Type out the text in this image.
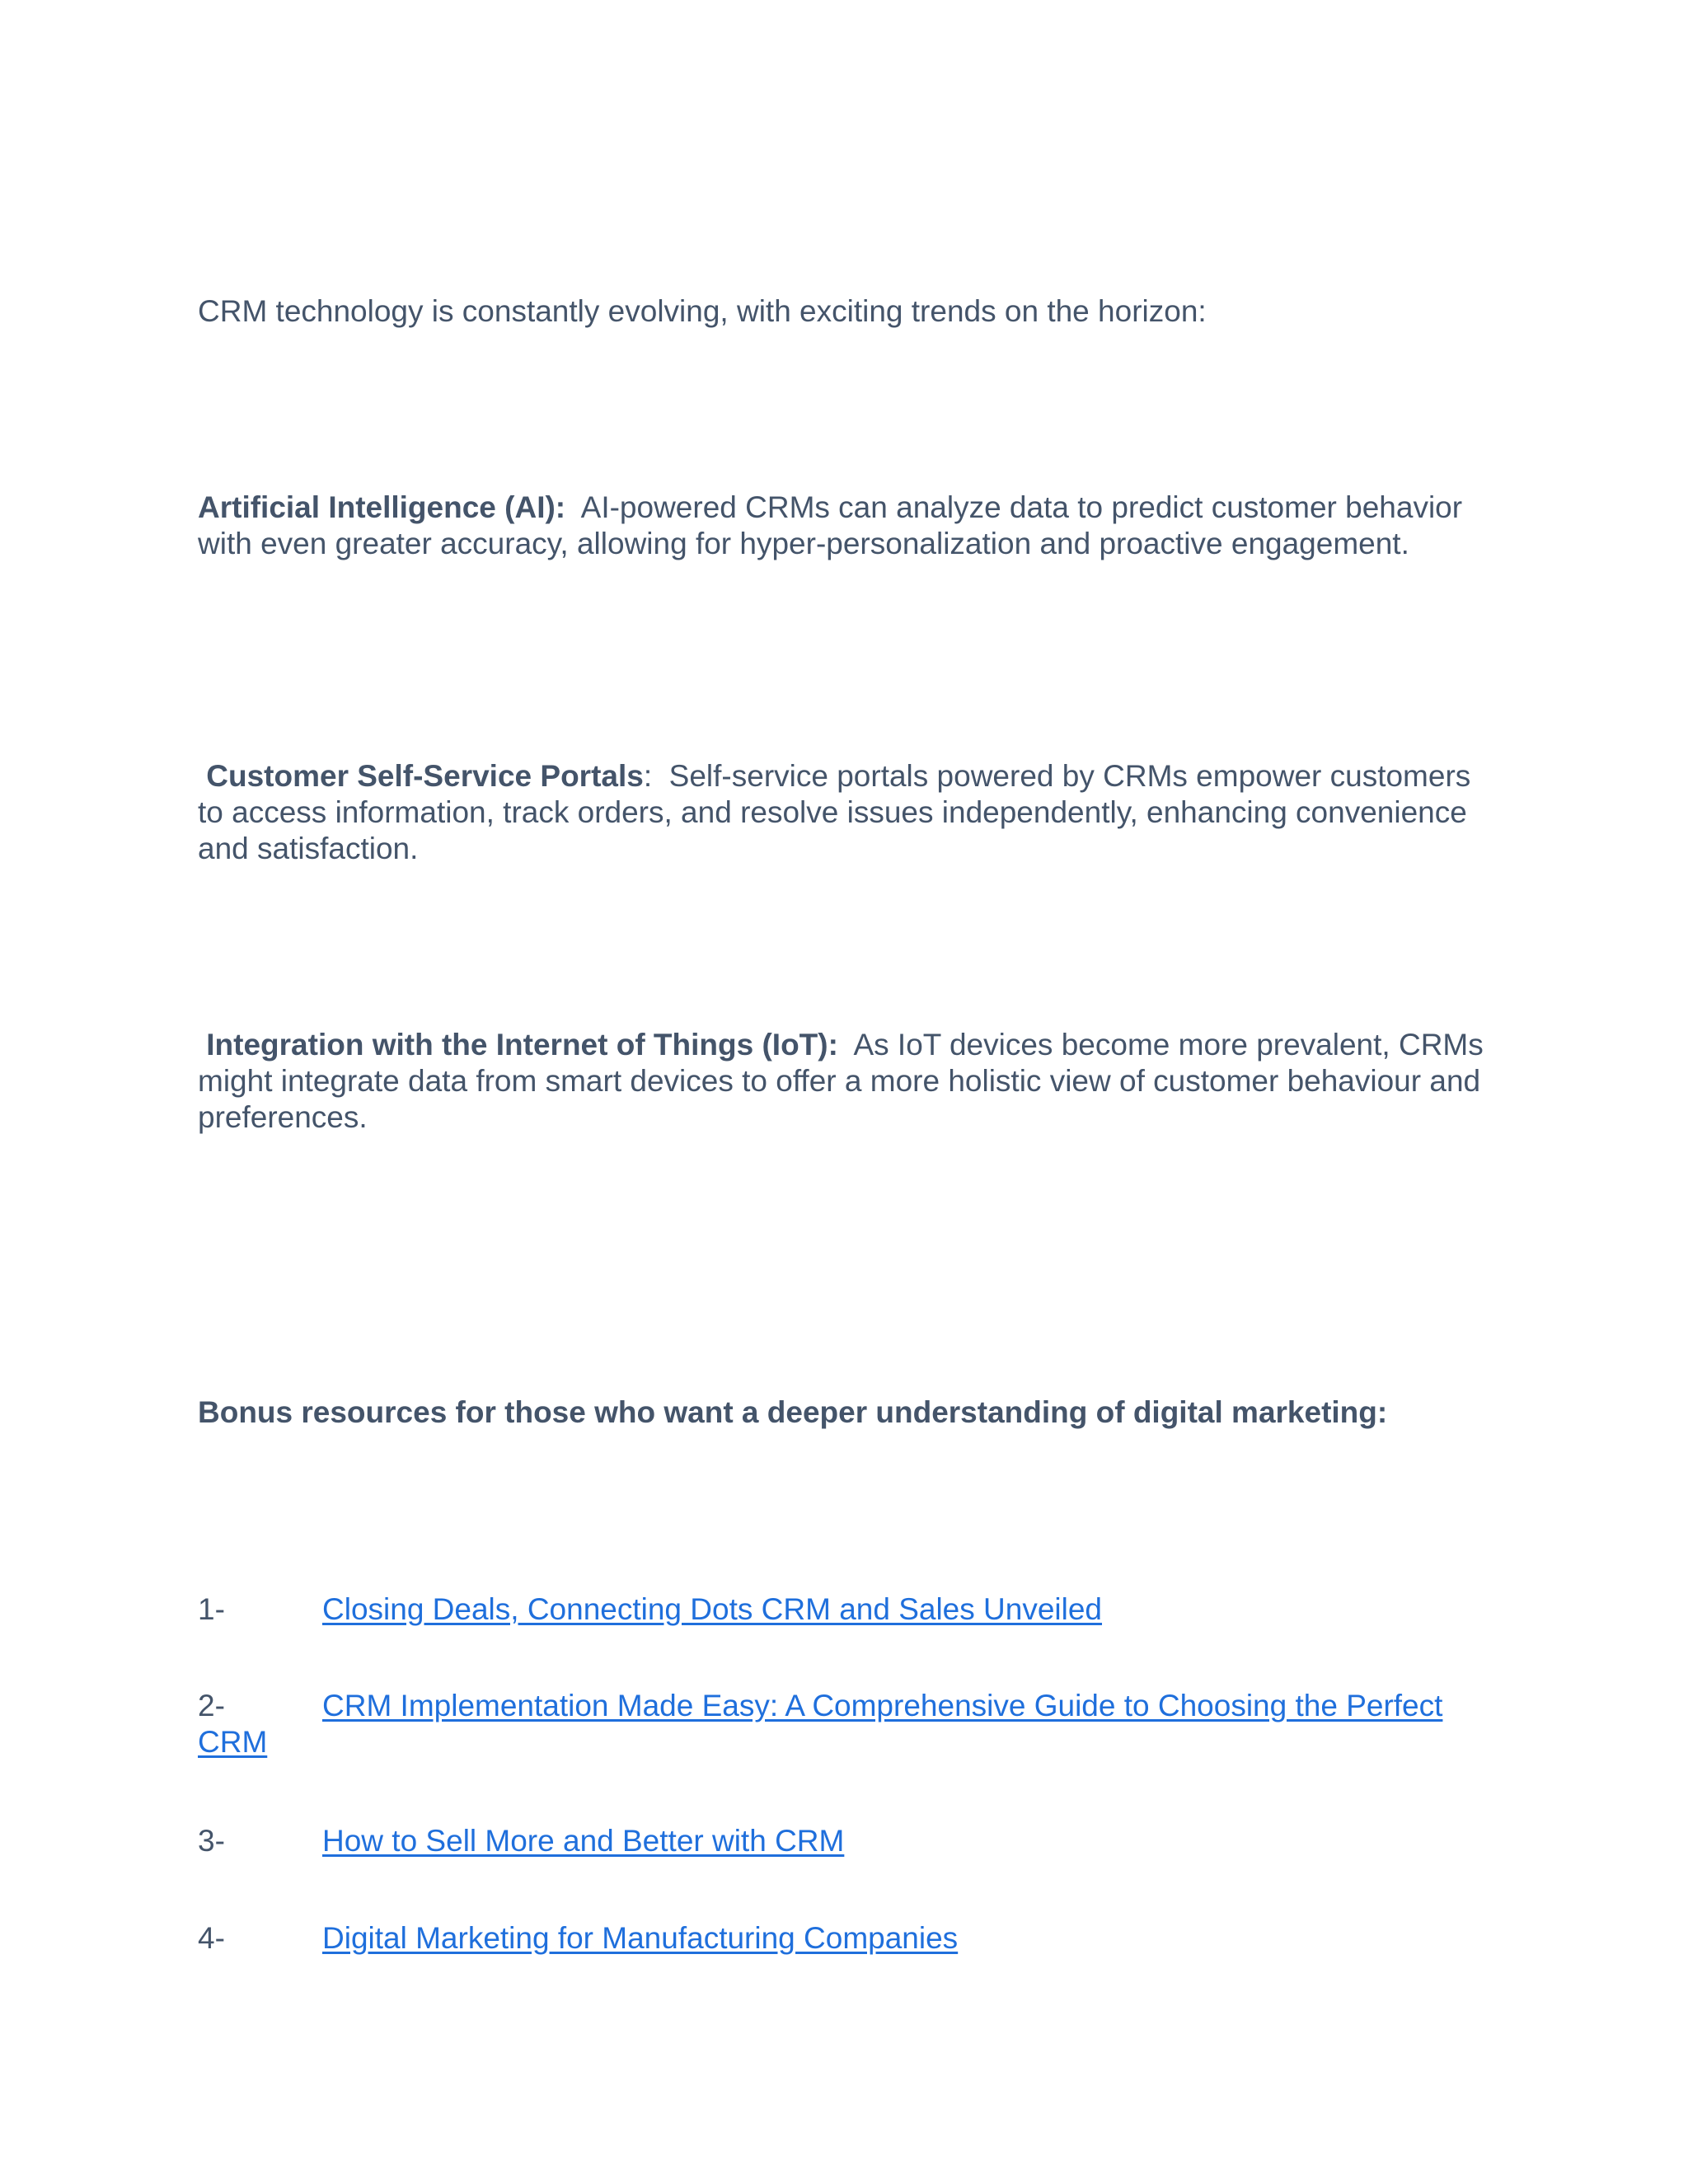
CRM technology is constantly evolving, with exciting trends on the horizon:

Artificial Intelligence (AI): AI-powered CRMs can analyze data to predict customer behavior with even greater accuracy, allowing for hyper-personalization and proactive engagement.

Customer Self-Service Portals: Self-service portals powered by CRMs empower customers to access information, track orders, and resolve issues independently, enhancing convenience and satisfaction.

Integration with the Internet of Things (IoT): As IoT devices become more prevalent, CRMs might integrate data from smart devices to offer a more holistic view of customer behaviour and preferences.

Bonus resources for those who want a deeper understanding of digital marketing:

1-	Closing Deals, Connecting Dots CRM and Sales Unveiled
2-	CRM Implementation Made Easy: A Comprehensive Guide to Choosing the Perfect CRM
3-	How to Sell More and Better with CRM
4-	Digital Marketing for Manufacturing Companies
